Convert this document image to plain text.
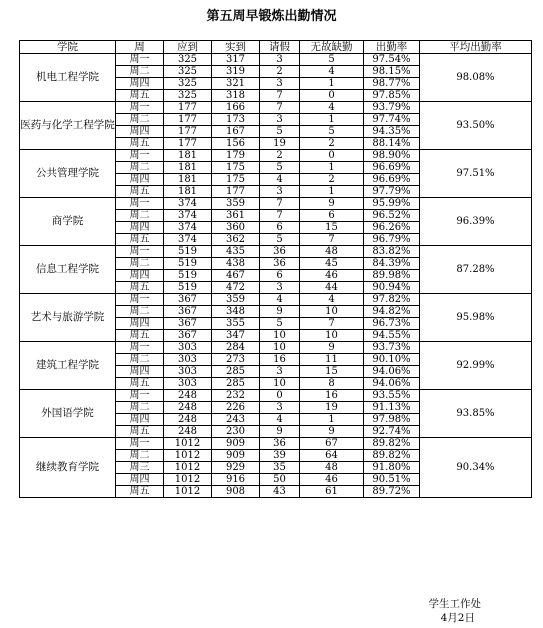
第五周早锻炼出勤情况
学院	周	应到	实到	请假	无故缺勤	出勤率	平均出勤率
机电工程学院	周一	325	317	3	5	97.54%	98.08%
	周二	325	319	2	4	98.15%	
	周四	325	321	3	1	98.77%	
	周五	325	318	7	0	97.85%	
医药与化学工程学院	周一	177	166	7	4	93.79%	93.50%
	周二	177	173	3	1	97.74%	
	周四	177	167	5	5	94.35%	
	周五	177	156	19	2	88.14%	
公共管理学院	周一	181	179	2	0	98.90%	97.51%
	周二	181	175	5	1	96.69%	
	周四	181	175	4	2	96.69%	
	周五	181	177	3	1	97.79%	
商学院	周一	374	359	7	9	95.99%	96.39%
	周二	374	361	7	6	96.52%	
	周四	374	360	6	15	96.26%	
	周五	374	362	5	7	96.79%	
信息工程学院	周一	519	435	36	48	83.82%	87.28%
	周二	519	438	36	45	84.39%	
	周四	519	467	6	46	89.98%	
	周五	519	472	3	44	90.94%	
艺术与旅游学院	周一	367	359	4	4	97.82%	95.98%
	周二	367	348	9	10	94.82%	
	周四	367	355	5	7	96.73%	
	周五	367	347	10	10	94.55%	
建筑工程学院	周一	303	284	10	9	93.73%	92.99%
	周二	303	273	16	11	90.10%	
	周四	303	285	3	15	94.06%	
	周五	303	285	10	8	94.06%	
外国语学院	周一	248	232	0	16	93.55%	93.85%
	周二	248	226	3	19	91.13%	
	周四	248	243	4	1	97.98%	
	周五	248	230	9	9	92.74%	
继续教育学院	周一	1012	909	36	67	89.82%	90.34%
	周二	1012	909	39	64	89.82%	
	周三	1012	929	35	48	91.80%	
	周四	1012	916	50	46	90.51%	
	周五	1012	908	43	61	89.72%	
学生工作处
4月2日
